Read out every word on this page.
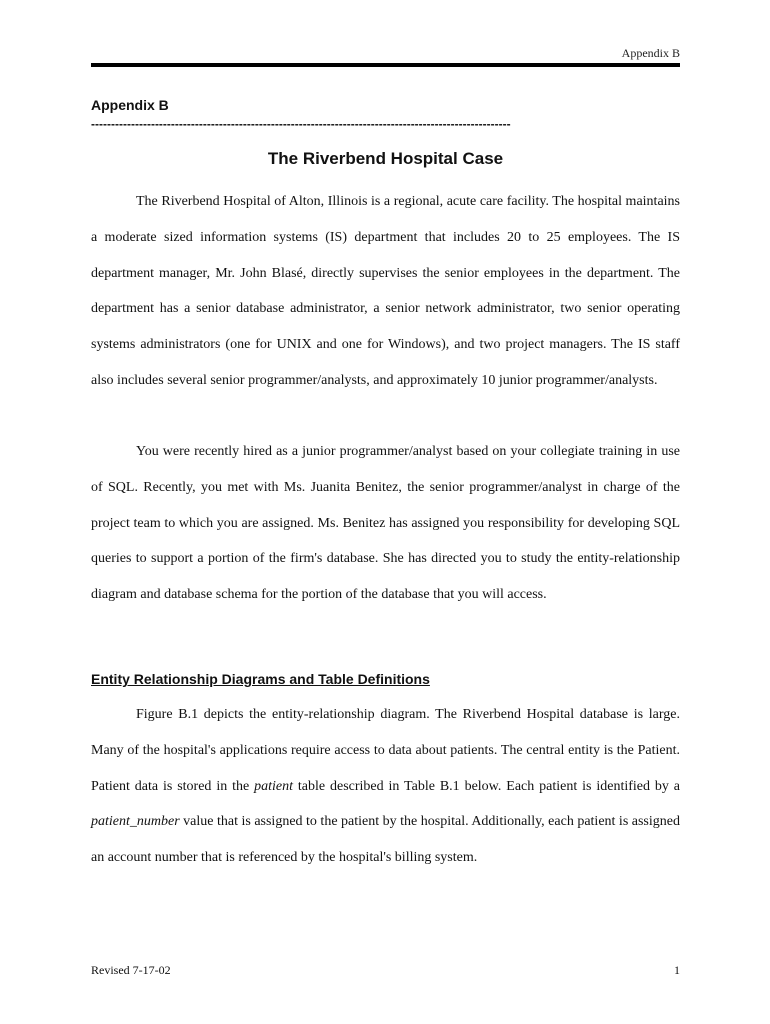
Appendix B
Appendix B
---------------------------------------------------------------------------------------------------------
The Riverbend Hospital Case

The Riverbend Hospital of Alton, Illinois is a regional, acute care facility. The hospital maintains a moderate sized information systems (IS) department that includes 20 to 25 employees. The IS department manager, Mr. John Blasé, directly supervises the senior employees in the department. The department has a senior database administrator, a senior network administrator, two senior operating systems administrators (one for UNIX and one for Windows), and two project managers. The IS staff also includes several senior programmer/analysts, and approximately 10 junior programmer/analysts.

You were recently hired as a junior programmer/analyst based on your collegiate training in use of SQL. Recently, you met with Ms. Juanita Benitez, the senior programmer/analyst in charge of the project team to which you are assigned. Ms. Benitez has assigned you responsibility for developing SQL queries to support a portion of the firm's database. She has directed you to study the entity-relationship diagram and database schema for the portion of the database that you will access.

Entity Relationship Diagrams and Table Definitions

Figure B.1 depicts the entity-relationship diagram. The Riverbend Hospital database is large. Many of the hospital's applications require access to data about patients. The central entity is the Patient. Patient data is stored in the patient table described in Table B.1 below. Each patient is identified by a patient_number value that is assigned to the patient by the hospital. Additionally, each patient is assigned an account number that is referenced by the hospital's billing system.

Revised 7-17-02	1
